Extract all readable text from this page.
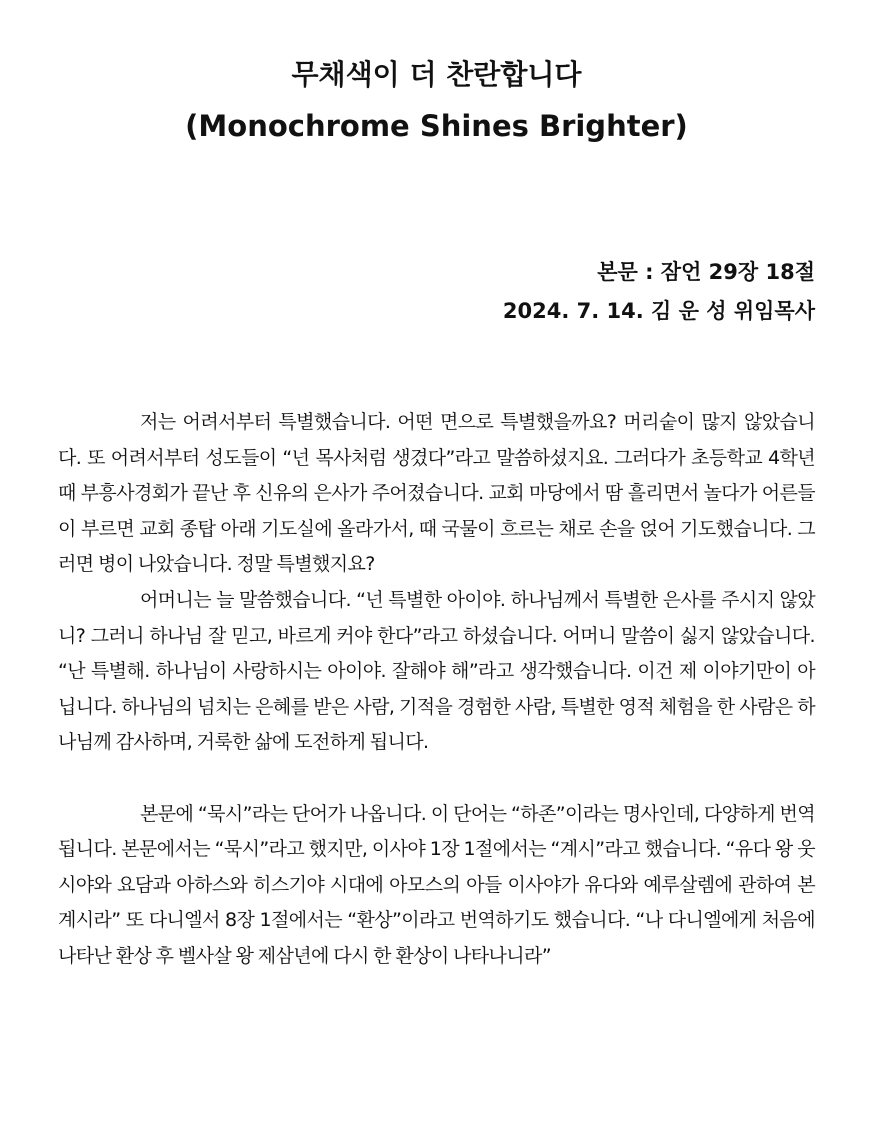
무채색이 더 찬란합니다
(Monochrome Shines Brighter)

본문 : 잠언 29장 18절

2024. 7. 14. 김 운 성 위임목사

저는 어려서부터 특별했습니다. 어떤 면으로 특별했을까요? 머리숱이 많지 않았습니다. 또 어려서부터 성도들이 “넌 목사처럼 생겼다”라고 말씀하셨지요. 그러다가 초등학교 4학년 때 부흥사경회가 끝난 후 신유의 은사가 주어졌습니다. 교회 마당에서 땀 흘리면서 놀다가 어른들이 부르면 교회 종탑 아래 기도실에 올라가서, 때 국물이 흐르는 채로 손을 얹어 기도했습니다. 그러면 병이 나았습니다. 정말 특별했지요?

어머니는 늘 말씀했습니다. “넌 특별한 아이야. 하나님께서 특별한 은사를 주시지 않았니? 그러니 하나님 잘 믿고, 바르게 커야 한다”라고 하셨습니다. 어머니 말씀이 싫지 않았습니다. “난 특별해. 하나님이 사랑하시는 아이야. 잘해야 해”라고 생각했습니다. 이건 제 이야기만이 아닙니다. 하나님의 넘치는 은혜를 받은 사람, 기적을 경험한 사람, 특별한 영적 체험을 한 사람은 하나님께 감사하며, 거룩한 삶에 도전하게 됩니다.

본문에 “묵시”라는 단어가 나옵니다. 이 단어는 “하존”이라는 명사인데, 다양하게 번역됩니다. 본문에서는 “묵시”라고 했지만, 이사야 1장 1절에서는 “계시”라고 했습니다. “유다 왕 웃시야와 요담과 아하스와 히스기야 시대에 아모스의 아들 이사야가 유다와 예루살렘에 관하여 본 계시라” 또 다니엘서 8장 1절에서는 “환상”이라고 번역하기도 했습니다. “나 다니엘에게 처음에 나타난 환상 후 벨사살 왕 제삼년에 다시 한 환상이 나타나니라”
